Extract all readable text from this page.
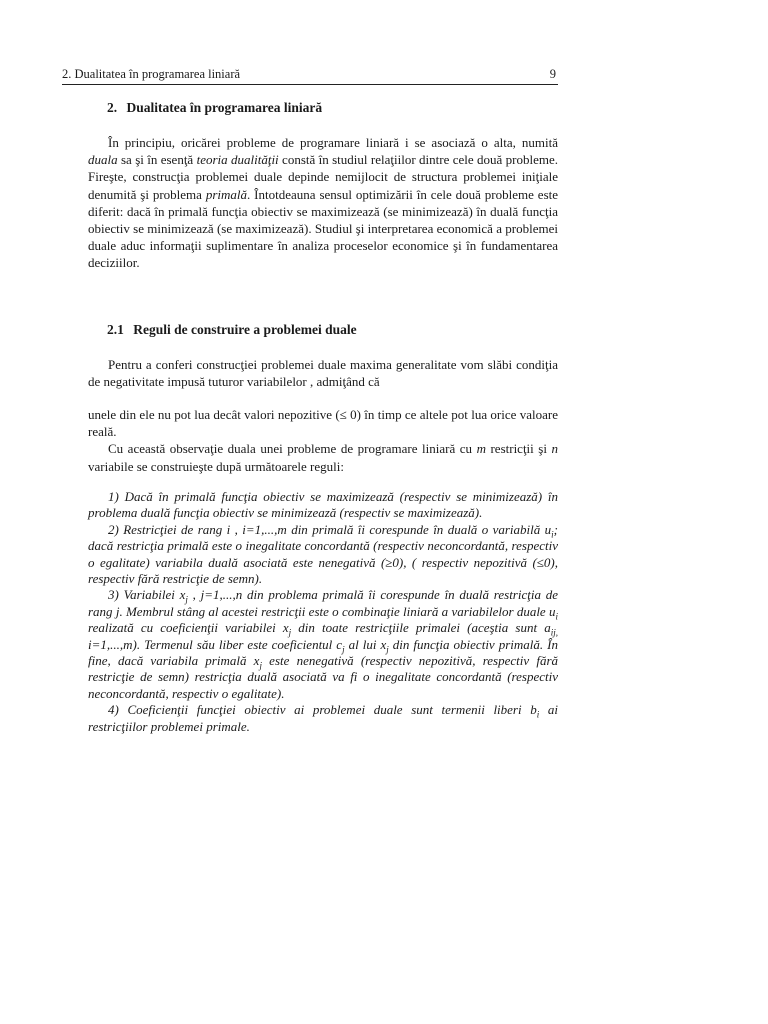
2. Dualitatea în programarea liniară	9
2. Dualitatea în programarea liniară

În principiu, oricărei probleme de programare liniară i se asociază o alta, numită duala sa şi în esenţă teoria dualităţii constă în studiul relaţiilor dintre cele două probleme. Fireşte, construcţia problemei duale depinde nemijlocit de structura problemei iniţiale denumită şi problema primală. Întotdeauna sensul optimizării în cele două probleme este diferit: dacă în primală funcţia obiectiv se maximizează (se minimizează) în duală funcţia obiectiv se minimizează (se maximizează). Studiul şi interpretarea economică a problemei duale aduc informaţii suplimentare în analiza proceselor economice şi în fundamentarea deciziilor.

2.1 Reguli de construire a problemei duale

Pentru a conferi construcţiei problemei duale maxima generalitate vom slăbi condiţia de negativitate impusă tuturor variabilelor , admiţând că

unele din ele nu pot lua decât valori nepozitive (≤ 0) în timp ce altele pot lua orice valoare reală.

Cu această observaţie duala unei probleme de programare liniară cu m restricţii şi n variabile se construieşte după următoarele reguli:

1) Dacă în primală funcţia obiectiv se maximizează (respectiv se minimizează) în problema duală funcţia obiectiv se minimizează (respectiv se maximizează).

2) Restricţiei de rang i , i=1,...,m din primală îi corespunde în duală o variabilă $u_i$; dacă restricţia primală este o inegalitate concordantă (respectiv neconcordantă, respectiv o egalitate) variabila duală asociată este nenegativă (≥0), ( respectiv nepozitivă (≤0), respectiv fără restricţie de semn).

3) Variabilei $x_j$ , j=1,...,n din problema primală îi corespunde în duală restricţia de rang j. Membrul stâng al acestei restricţii este o combinaţie liniară a variabilelor duale $u_i$ realizată cu coeficienţii variabilei $x_j$ din toate restricţiile primalei (aceştia sunt $a_{ij,}$ i=1,...,m). Termenul său liber este coeficientul $c_j$ al lui $x_j$ din funcţia obiectiv primală. În fine, dacă variabila primală $x_j$ este nenegativă (respectiv nepozitivă, respectiv fără restricţie de semn) restricţia duală asociată va fi o inegalitate concordantă (respectiv neconcordantă, respectiv o egalitate).

4) Coeficienţii funcţiei obiectiv ai problemei duale sunt termenii liberi $b_i$ ai restricţiilor problemei primale.
